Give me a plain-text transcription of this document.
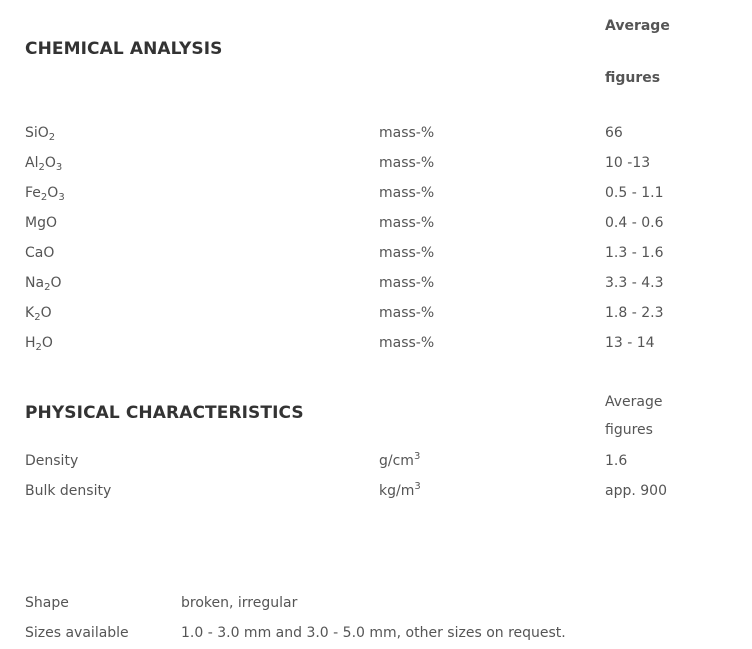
Average
CHEMICAL ANALYSIS
figures
SiO$_2$	mass-%	66
$Al_2O_3$	mass-%	10 -13
$Fe_2O_3$	mass-%	0.5 - 1.1
MgO	mass-%	0.4 - 0.6
CaO	mass-%	1.3 - 1.6
$Na_2O$	mass-%	3.3 - 4.3
$K_2O$	mass-%	1.8 - 2.3
$H_2O$	mass-%	13 - 14
Average
PHYSICAL CHARACTERISTICS
figures
Density	$g/cm^3$	1.6
Bulk density	$kg/m^3$	app. 900
Shape	broken, irregular
Sizes available	1.0 - 3.0 mm and 3.0 - 5.0 mm, other sizes on request.
